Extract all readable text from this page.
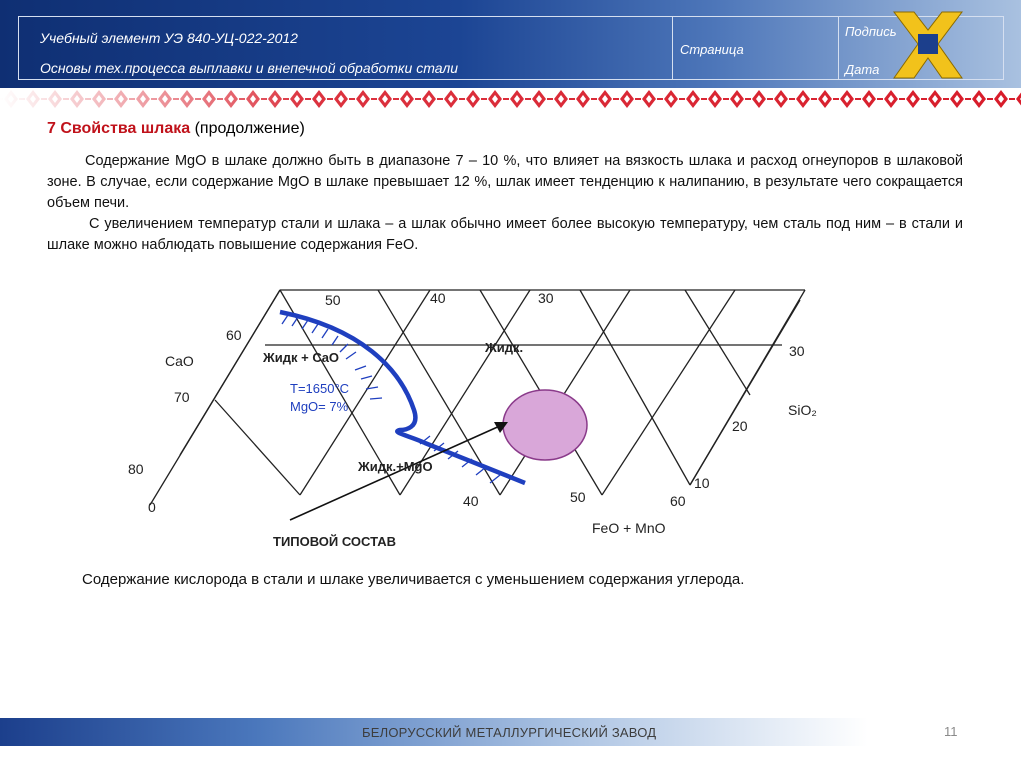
Учебный элемент УЭ 840-УЦ-022-2012
Основы тех.процесса выплавки и внепечной обработки стали
Страница
Подпись
Дата
7 Свойства шлака (продолжение)

Содержание MgO в шлаке должно быть в диапазоне 7 – 10 %, что влияет на вязкость шлака и расход огнеупоров в шлаковой зоне. В случае, если содержание MgO в шлаке превышает 12 %, шлак имеет тенденцию к налипанию, в результате чего сокращается объем печи.

С увеличением температур стали и шлака – а шлак обычно имеет более высокую температуру, чем сталь под ним – в стали и шлаке можно наблюдать повышение содержания FeO.

50	40	30
60
70
80
0
CaO
30
20
10
SiO₂
40	50	60
FeO + MnO
Жидк + CaO
Жидк.
Жидк.+MgO
T=1650°C
MgO= 7%
ТИПОВОЙ СОСТАВ
Содержание кислорода в стали и шлаке увеличивается с уменьшением содержания углерода.
БЕЛОРУССКИЙ МЕТАЛЛУРГИЧЕСКИЙ ЗАВОД	11
